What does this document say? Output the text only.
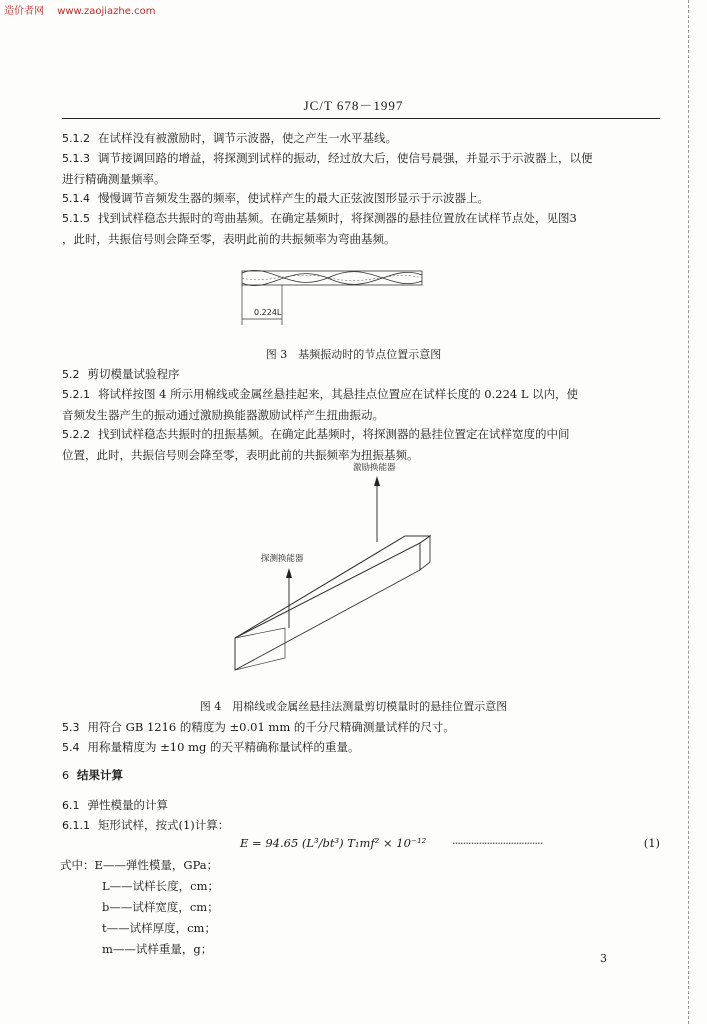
造价者网 www.zaojiazhe.com
JC/T 678－1997
5.1.2 在试样没有被激励时，调节示波器，使之产生一水平基线。
5.1.3 调节接调回路的增益，将探测到试样的振动，经过放大后，使信号晨强，并显示于示波器上，以便
进行精确测量频率。
5.1.4 慢慢调节音频发生器的频率，使试样产生的最大正弦波图形显示于示波器上。
5.1.5 找到试样稳态共振时的弯曲基频。在确定基频时，将探测器的悬挂位置放在试样节点处，见图3
，此时，共振信号则会降至零，表明此前的共振频率为弯曲基频。
0.224L
图 3　基频振动时的节点位置示意图
5.2 剪切模量试验程序
5.2.1 将试样按图 4 所示用棉线或金属丝悬挂起来，其悬挂点位置应在试样长度的 0.224 L 以内，使
音频发生器产生的振动通过激励换能器激励试样产生扭曲振动。
5.2.2 找到试样稳态共振时的扭振基频。在确定此基频时，将探测器的悬挂位置定在试样宽度的中间
位置，此时，共振信号则会降至零，表明此前的共振频率为扭振基频。
激励换能器
探测换能器
图 4　用棉线或金属丝悬挂法测量剪切模量时的悬挂位置示意图
5.3 用符合 GB 1216 的精度为 ±0.01 mm 的千分尺精确测量试样的尺寸。
5.4 用称量精度为 ±10 mg 的天平精确称量试样的重量。
6 结果计算
6.1 弹性模量的计算
6.1.1 矩形试样，按式(1)计算：
E = 94.65 (L³/bt³) T₁mf² × 10⁻¹² ··································	(1)
式中：E——弹性模量，GPa；
L——试样长度，cm；
b——试样宽度，cm；
t——试样厚度，cm；
m——试样重量，g；
3
